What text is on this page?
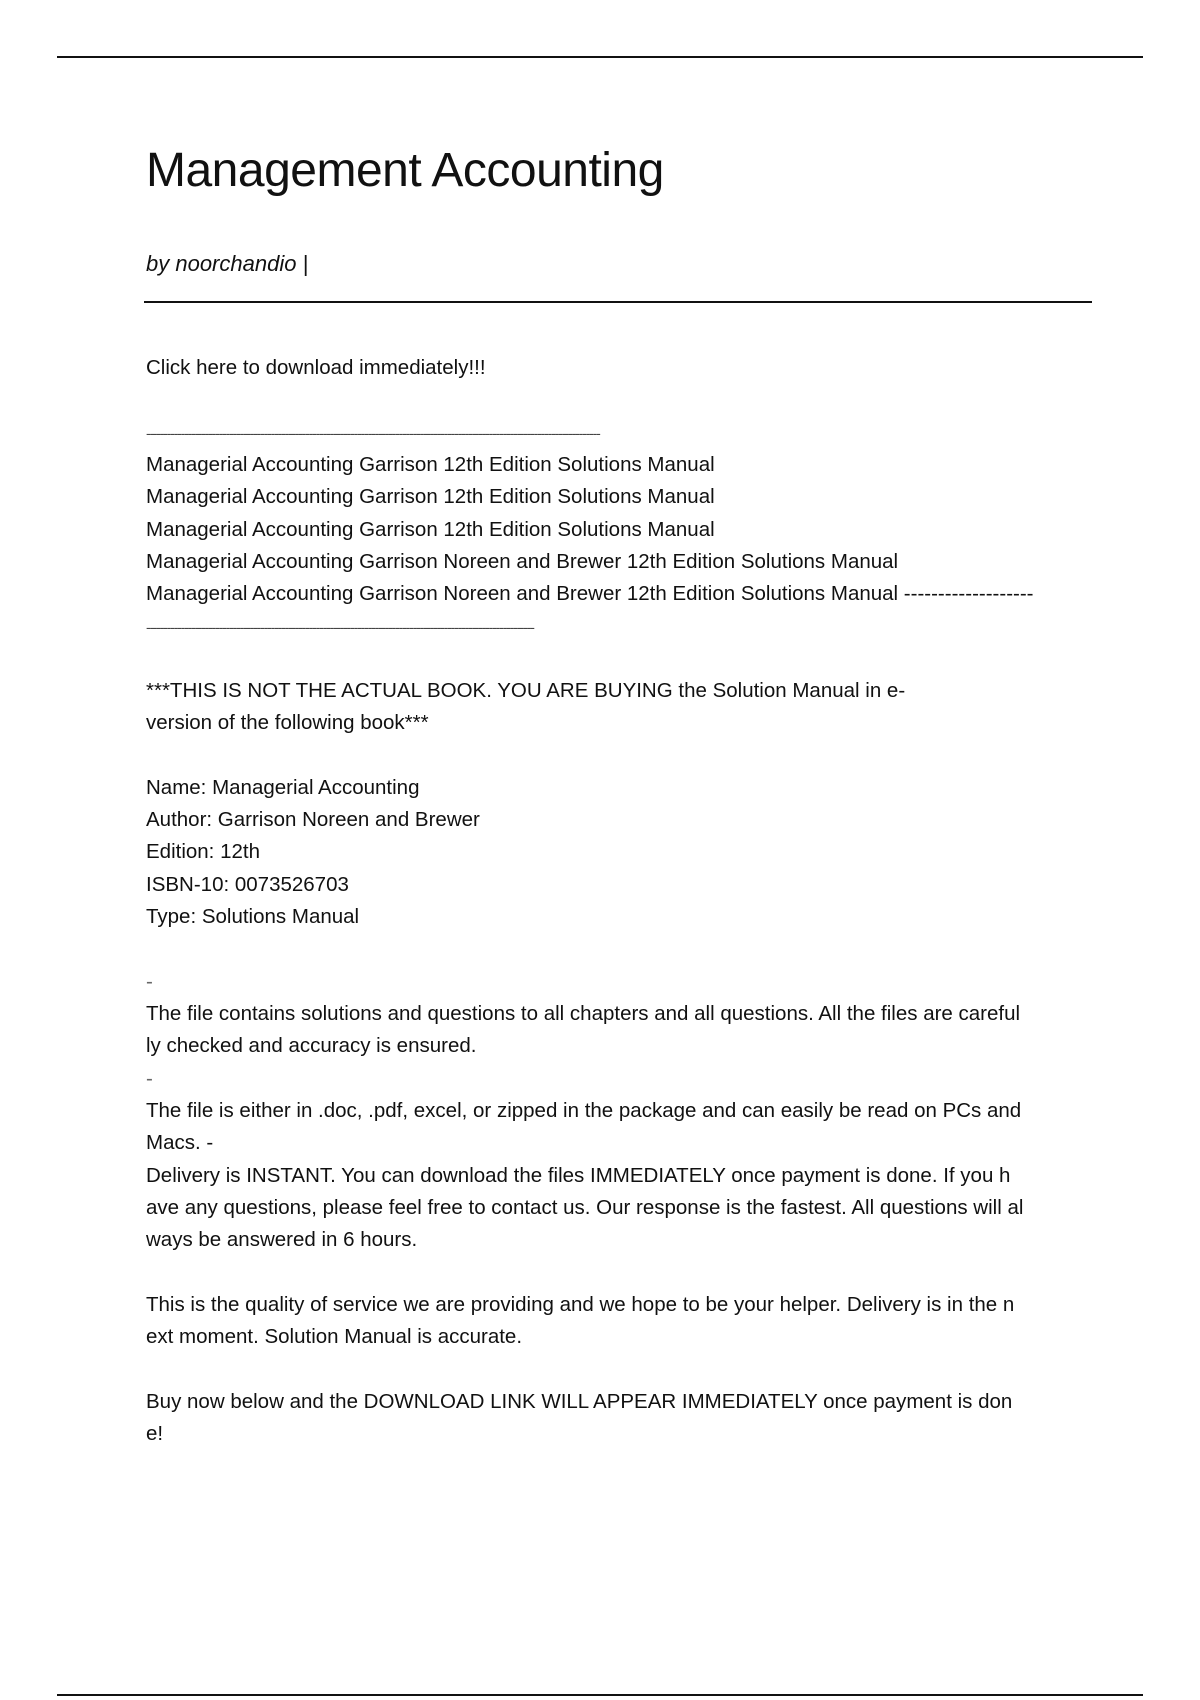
Management Accounting
by noorchandio |
Click here to download immediately!!!
-----------------------------------------------------------------------------------------------------------------------------------
Managerial Accounting Garrison 12th Edition Solutions Manual
Managerial Accounting Garrison 12th Edition Solutions Manual
Managerial Accounting Garrison 12th Edition Solutions Manual
Managerial Accounting Garrison Noreen and Brewer 12th Edition Solutions Manual
Managerial Accounting Garrison Noreen and Brewer 12th Edition Solutions Manual -------------------
----------------------------------------------------------------------------------------------------------------
***THIS IS NOT THE ACTUAL BOOK. YOU ARE BUYING the Solution Manual in e-
version of the following book***
Name: Managerial Accounting
Author: Garrison Noreen and Brewer
Edition: 12th
ISBN-10: 0073526703
Type: Solutions Manual
-
The file contains solutions and questions to all chapters and all questions. All the files are careful
ly checked and accuracy is ensured.
-
The file is either in .doc, .pdf, excel, or zipped in the package and can easily be read on PCs and
Macs. -
Delivery is INSTANT. You can download the files IMMEDIATELY once payment is done. If you h
ave any questions, please feel free to contact us. Our response is the fastest. All questions will al
ways be answered in 6 hours.
This is the quality of service we are providing and we hope to be your helper. Delivery is in the n
ext moment. Solution Manual is accurate.
Buy now below and the DOWNLOAD LINK WILL APPEAR IMMEDIATELY once payment is don
e!
